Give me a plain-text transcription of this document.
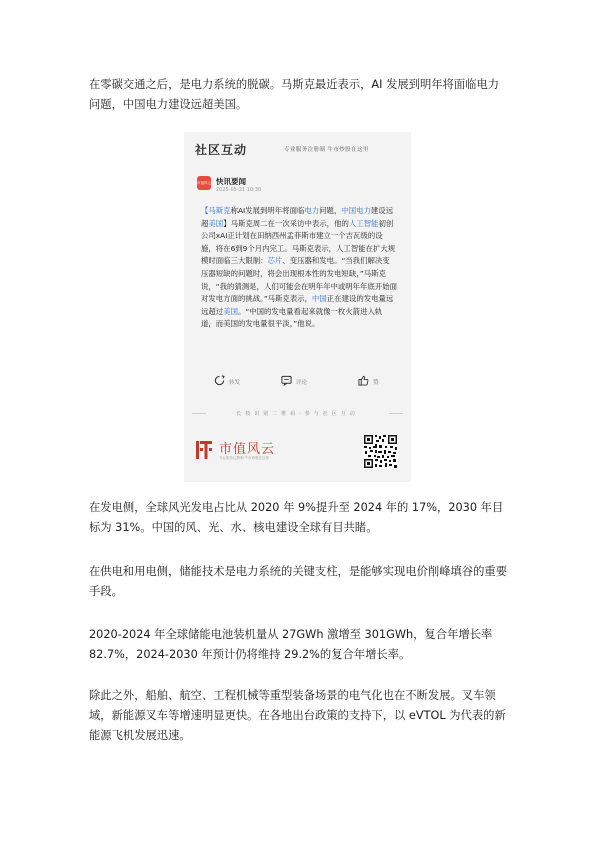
在零碳交通之后，是电力系统的脱碳。马斯克最近表示，AI 发展到明年将面临电力问题，中国电力建设远超美国。

社区互动	专业服务注册制 牛市炒股在这里
市值风云 快讯要闻
2025-05-21 10:30
【马斯克称AI发展到明年将面临电力问题，中国电力建设远超美国】马斯克周二在一次采访中表示，他的人工智能初创公司xAI正计划在田纳西州孟菲斯市建立一个吉瓦级的设施，将在6到9个月内完工。马斯克表示，人工智能在扩大规模时面临三大限制：芯片、变压器和发电。“当我们解决变压器短缺的问题时，将会出现根本性的发电短缺，”马斯克说，“我的猜测是，人们可能会在明年年中或明年年底开始面对发电方面的挑战。”马斯克表示，中国正在建设的发电量远远超过美国。“中国的发电量看起来就像一枚火箭进入轨道，而美国的发电量很平淡，”他说。
转发	评论	赞
长按识别二维码·参与社区互动
市值风云
专业服务注册制 牛市炒股在这里

在发电侧，全球风光发电占比从 2020 年 9%提升至 2024 年的 17%，2030 年目标为 31%。中国的风、光、水、核电建设全球有目共睹。

在供电和用电侧，储能技术是电力系统的关键支柱，是能够实现电价削峰填谷的重要手段。

2020-2024 年全球储能电池装机量从 27GWh 激增至 301GWh，复合年增长率 82.7%，2024-2030 年预计仍将维持 29.2%的复合年增长率。

除此之外，船舶、航空、工程机械等重型装备场景的电气化也在不断发展。叉车领域，新能源叉车等增速明显更快。在各地出台政策的支持下，以 eVTOL 为代表的新能源飞机发展迅速。
